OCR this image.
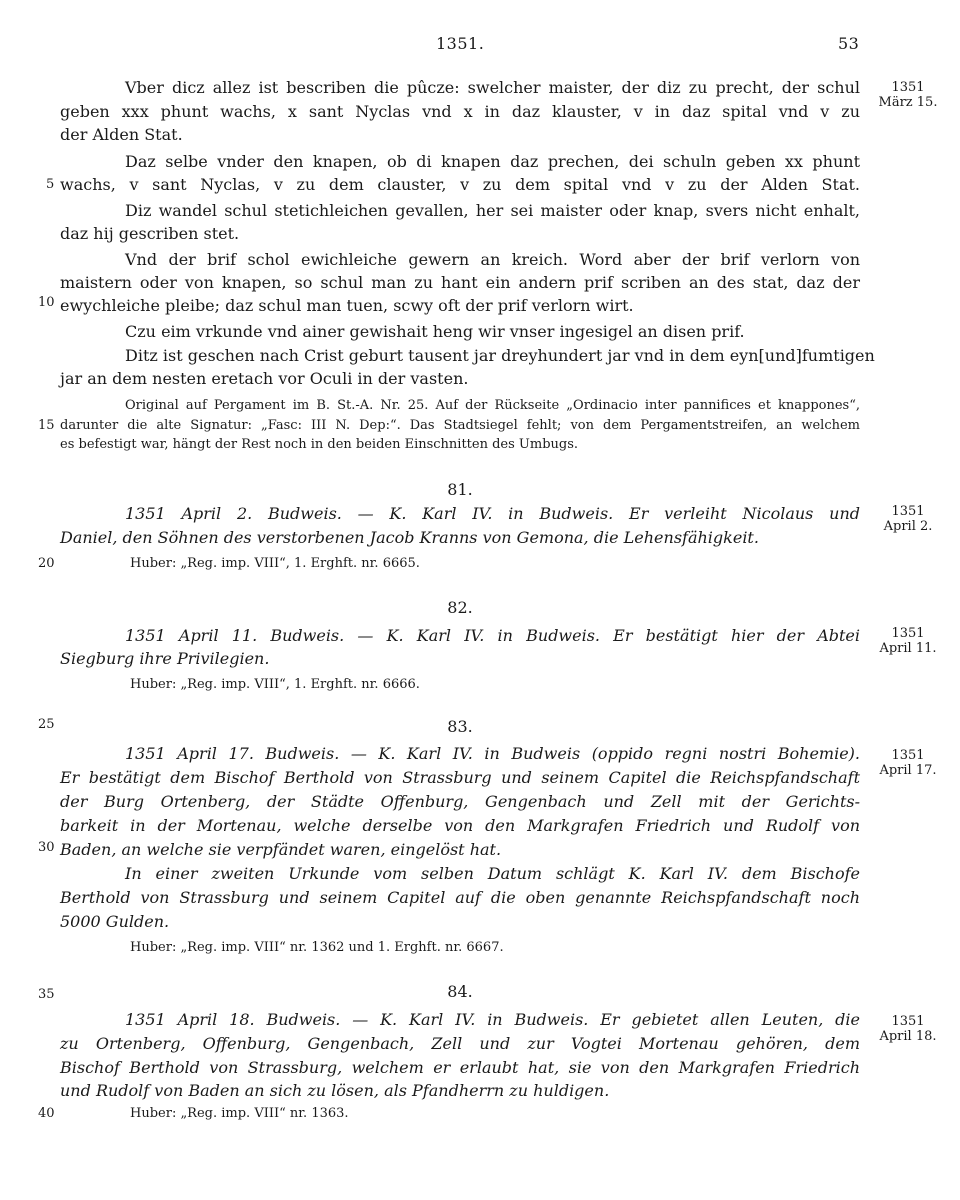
1351.	53
1351
März 15.
1351
April 2.
1351
April 11.
1351
April 17.
1351
April 18.
5
10
15
20
25
30
35
40
Vber dicz allez ist bescriben die pûcze: swelcher maister, der diz zu precht, der schul
geben xxx phunt wachs, x sant Nyclas vnd x in daz klauster, v in daz spital vnd v zu
der Alden Stat.
Daz selbe vnder den knapen, ob di knapen daz prechen, dei schuln geben xx phunt
wachs, v sant Nyclas, v zu dem clauster, v zu dem spital vnd v zu der Alden Stat.
Diz wandel schul stetichleichen gevallen, her sei maister oder knap, svers nicht enhalt,
daz hij gescriben stet.
Vnd der brif schol ewichleiche gewern an kreich. Word aber der brif verlorn von
maistern oder von knapen, so schul man zu hant ein andern prif scriben an des stat, daz der
ewychleiche pleibe; daz schul man tuen, scwy oft der prif verlorn wirt.
Czu eim vrkunde vnd ainer gewishait heng wir vnser ingesigel an disen prif.
Ditz ist geschen nach Crist geburt tausent jar dreyhundert jar vnd in dem eyn[und]fumtigen
jar an dem nesten eretach vor Oculi in der vasten.
Original auf Pergament im B. St.-A. Nr. 25. Auf der Rückseite „Ordinacio inter pannifices et knappones“,
darunter die alte Signatur: „Fasc: III N. Dep:“. Das Stadtsiegel fehlt; von dem Pergamentstreifen, an welchem
es befestigt war, hängt der Rest noch in den beiden Einschnitten des Umbugs.
81.
1351 April 2. Budweis. — K. Karl IV. in Budweis. Er verleiht Nicolaus und
Daniel, den Söhnen des verstorbenen Jacob Kranns von Gemona, die Lehensfähigkeit.
Huber: „Reg. imp. VIII“, 1. Erghft. nr. 6665.
82.
1351 April 11. Budweis. — K. Karl IV. in Budweis. Er bestätigt hier der Abtei
Siegburg ihre Privilegien.
Huber: „Reg. imp. VIII“, 1. Erghft. nr. 6666.
83.
1351 April 17. Budweis. — K. Karl IV. in Budweis (oppido regni nostri Bohemie).
Er bestätigt dem Bischof Berthold von Strassburg und seinem Capitel die Reichspfandschaft
der Burg Ortenberg, der Städte Offenburg, Gengenbach und Zell mit der Gerichts-
barkeit in der Mortenau, welche derselbe von den Markgrafen Friedrich und Rudolf von
Baden, an welche sie verpfändet waren, eingelöst hat.
In einer zweiten Urkunde vom selben Datum schlägt K. Karl IV. dem Bischofe
Berthold von Strassburg und seinem Capitel auf die oben genannte Reichspfandschaft noch
5000 Gulden.
Huber: „Reg. imp. VIII“ nr. 1362 und 1. Erghft. nr. 6667.
84.
1351 April 18. Budweis. — K. Karl IV. in Budweis. Er gebietet allen Leuten, die
zu Ortenberg, Offenburg, Gengenbach, Zell und zur Vogtei Mortenau gehören, dem
Bischof Berthold von Strassburg, welchem er erlaubt hat, sie von den Markgrafen Friedrich
und Rudolf von Baden an sich zu lösen, als Pfandherrn zu huldigen.
Huber: „Reg. imp. VIII“ nr. 1363.
